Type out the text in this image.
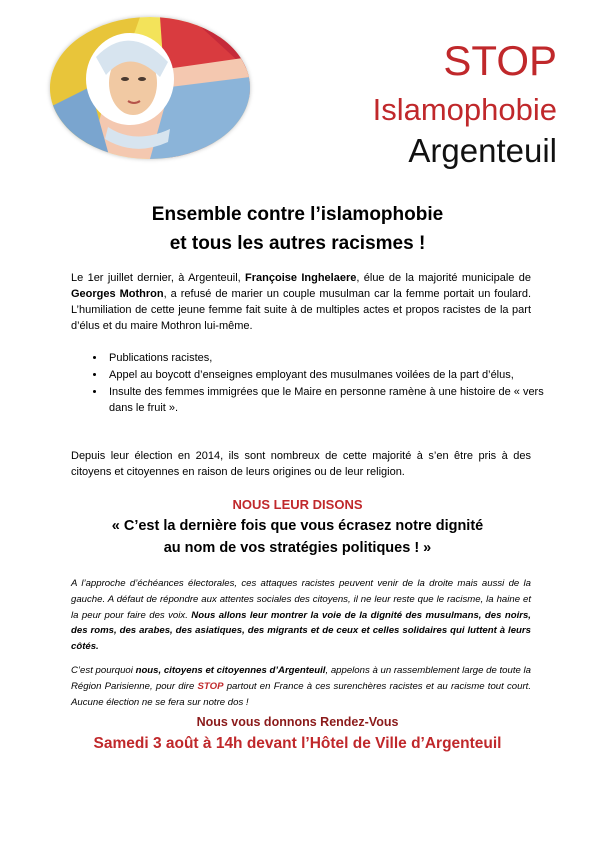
STOP
Islamophobie
Argenteuil
Ensemble contre l’islamophobie
et tous les autres racismes !
Le 1er juillet dernier, à Argenteuil, Françoise Inghelaere, élue de la majorité municipale de Georges Mothron, a refusé de marier un couple musulman car la femme portait un foulard. L’humiliation de cette jeune femme fait suite à de multiples actes et propos racistes de la part d’élus et du maire Mothron lui-même.
• Publications racistes,
• Appel au boycott d’enseignes employant des musulmanes voilées de la part d’élus,
• Insulte des femmes immigrées que le Maire en personne ramène à une histoire de « vers dans le fruit ».
Depuis leur élection en 2014, ils sont nombreux de cette majorité à s’en être pris à des citoyens et citoyennes en raison de leurs origines ou de leur religion.
NOUS LEUR DISONS
« C’est la dernière fois que vous écrasez notre dignité
au nom de vos stratégies politiques ! »
A l’approche d’échéances électorales, ces attaques racistes peuvent venir de la droite mais aussi de la gauche. A défaut de répondre aux attentes sociales des citoyens, il ne leur reste que le racisme, la haine et la peur pour faire des voix. Nous allons leur montrer la voie de la dignité des musulmans, des noirs, des roms, des arabes, des asiatiques, des migrants et de ceux et celles solidaires qui luttent à leurs côtés.
C’est pourquoi nous, citoyens et citoyennes d’Argenteuil, appelons à un rassemblement large de toute la Région Parisienne, pour dire STOP partout en France à ces surenchères racistes et au racisme tout court. Aucune élection ne se fera sur notre dos !
Nous vous donnons Rendez-Vous
Samedi 3 août à 14h devant l’Hôtel de Ville d’Argenteuil
